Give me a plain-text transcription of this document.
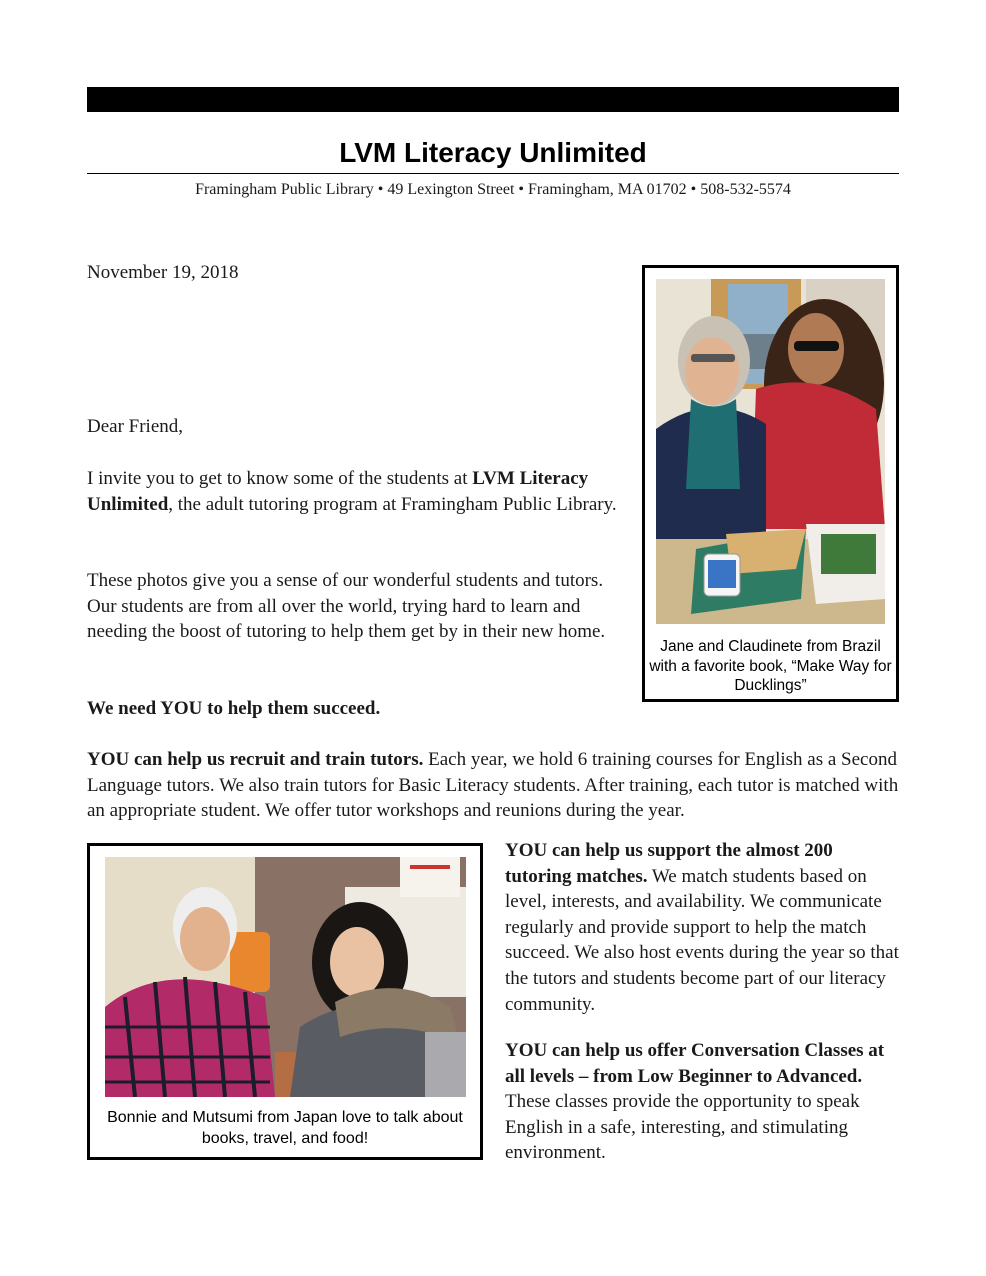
LVM Literacy Unlimited
Framingham Public Library • 49 Lexington Street • Framingham, MA 01702 • 508-532-5574
November 19, 2018
Dear Friend,

I invite you to get to know some of the students at LVM Literacy Unlimited, the adult tutoring program at Framingham Public Library.

These photos give you a sense of our wonderful students and tutors. Our students are from all over the world, trying hard to learn and needing the boost of tutoring to help them get by in their new home.

We need YOU to help them succeed.

YOU can help us recruit and train tutors. Each year, we hold 6 training courses for English as a Second Language tutors. We also train tutors for Basic Literacy students. After training, each tutor is matched with an appropriate student. We offer tutor workshops and reunions during the year.

YOU can help us support the almost 200 tutoring matches. We match students based on level, interests, and availability. We communicate regularly and provide support to help the match succeed. We also host events during the year so that the tutors and students become part of our literacy community.

YOU can help us offer Conversation Classes at all levels – from Low Beginner to Advanced. These classes provide the opportunity to speak English in a safe, interesting, and stimulating environment.

Jane and Claudinete from Brazil with a favorite book, “Make Way for Ducklings”
Bonnie and Mutsumi from Japan love to talk about books, travel, and food!
